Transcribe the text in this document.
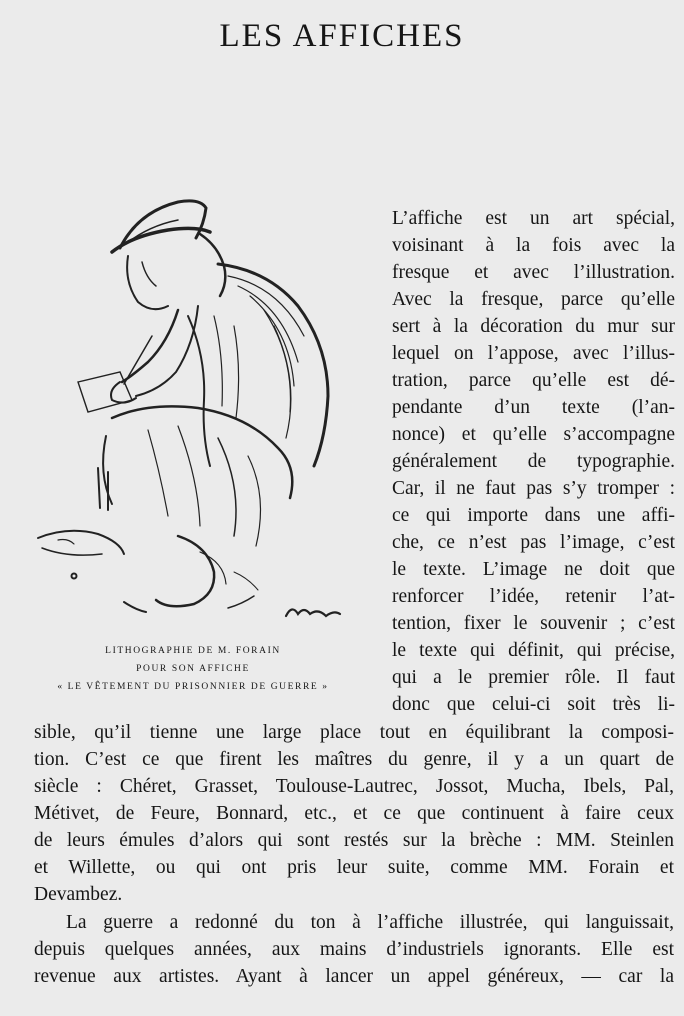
LES AFFICHES
LITHOGRAPHIE DE M. FORAIN
POUR SON AFFICHE
« LE VÊTEMENT DU PRISONNIER DE GUERRE »
L’affiche est un art spécial,
voisinant à la fois avec la
fresque et avec l’illustration.
Avec la fresque, parce qu’elle
sert à la décoration du mur sur
lequel on l’appose, avec l’illus-
tration, parce qu’elle est dé-
pendante d’un texte (l’an-
nonce) et qu’elle s’accompagne
généralement de typographie.
Car, il ne faut pas s’y tromper :
ce qui importe dans une affi-
che, ce n’est pas l’image, c’est
le texte. L’image ne doit que
renforcer l’idée, retenir l’at-
tention, fixer le souvenir ; c’est
le texte qui définit, qui précise,
qui a le premier rôle. Il faut
donc que celui-ci soit très li-
sible, qu’il tienne une large place tout en équilibrant la composi-
tion. C’est ce que firent les maîtres du genre, il y a un quart de
siècle : Chéret, Grasset, Toulouse-Lautrec, Jossot, Mucha, Ibels, Pal,
Métivet, de Feure, Bonnard, etc., et ce que continuent à faire ceux
de leurs émules d’alors qui sont restés sur la brèche : MM. Steinlen
et Willette, ou qui ont pris leur suite, comme MM. Forain et
Devambez.
La guerre a redonné du ton à l’affiche illustrée, qui languissait,
depuis quelques années, aux mains d’industriels ignorants. Elle est
revenue aux artistes. Ayant à lancer un appel généreux, — car la
